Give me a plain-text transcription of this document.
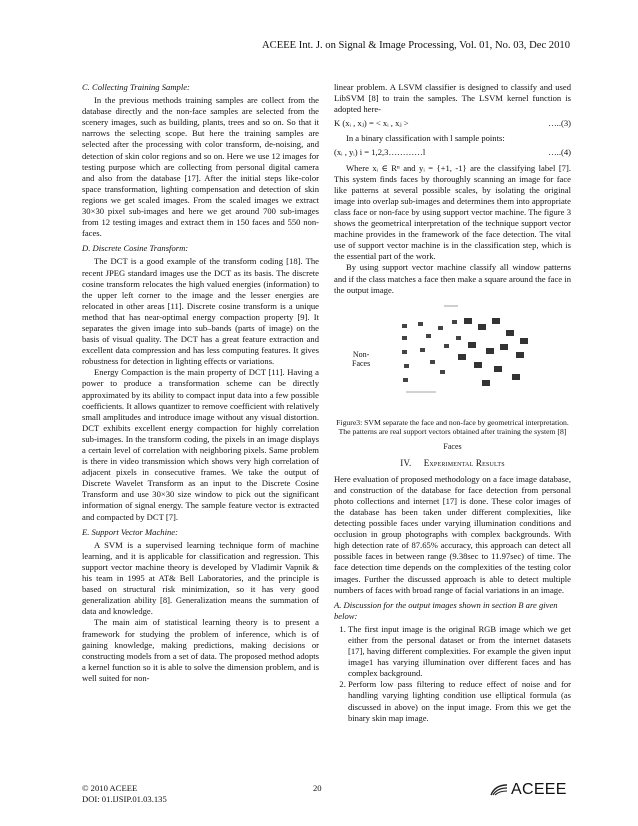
ACEEE Int. J. on Signal & Image Processing, Vol. 01, No. 03, Dec 2010
C. Collecting Training Sample:

In the previous methods training samples are collect from the database directly and the non-face samples are selected from the scenery images, such as building, plants, trees and so on. So that it narrows the selecting scope. But here the training samples are selected after the processing with color transform, de-noising, and detection of skin color regions and so on. Here we use 12 images for testing purpose which are collecting from personal digital camera and also from the database [17]. After the initial steps like-color space transformation, lighting compensation and detection of skin regions we get scaled images. From the scaled images we extract 30×30 pixel sub-images and here we get around 700 sub-images from 12 testing images and extract them in 150 faces and 550 non-faces.

D. Discrete Cosine Transform:

The DCT is a good example of the transform coding [18]. The recent JPEG standard images use the DCT as its basis. The discrete cosine transform relocates the high valued energies (information) to the upper left corner to the image and the lesser energies are relocated in other areas [11]. Discrete cosine transform is a unique method that has near-optimal energy compaction property [9]. It separates the given image into sub–bands (parts of image) on the basis of visual quality. The DCT has a great feature extraction and excellent data compression and has less computing features. It gives robustness for detection in lighting effects or variations.

Energy Compaction is the main property of DCT [11]. Having a power to produce a transformation scheme can be directly approximated by its ability to compact input data into a few possible coefficients. It allows quantizer to remove coefficient with relatively small amplitudes and introduce image without any visual distortion. DCT exhibits excellent energy compaction for highly correlation sub-images. In the transform coding, the pixels in an image displays a certain level of correlation with neighboring pixels. Same problem is there in video transmission which shows very high correlation of adjacent pixels in consecutive frames. We take the output of Discrete Wavelet Transform as an input to the Discrete Cosine Transform and use 30×30 size window to pick out the significant information of signal energy. The sample feature vector is extracted and compacted by DCT [7].

E. Support Vector Machine:

A SVM is a supervised learning technique form of machine learning, and it is applicable for classification and regression. This support vector machine theory is developed by Vladimir Vapnik & his team in 1995 at AT& Bell Laboratories, and the principle is based on structural risk minimization, so it has very good generalization ability [8]. Generalization means the summation of data and knowledge.

The main aim of statistical learning theory is to present a framework for studying the problem of inference, which is of gaining knowledge, making predictions, making decisions or constructing models from a set of data. The proposed method adopts a kernel function so it is able to solve the dimension problem, and is well suited for non-

linear problem. A LSVM classifier is designed to classify and used LibSVM [8] to train the samples. The LSVM kernel function is adopted here-

K (xᵢ , xⱼ) = < xᵢ , xⱼ >	…..(3)

In a binary classification with l sample points:

(xᵢ , yᵢ) i = 1,2,3…………l	…..(4)

Where xᵢ ∈ Rⁿ and yᵢ = {+1, -1} are the classifying label [7]. This system finds faces by thoroughly scanning an image for face like patterns at several possible scales, by isolating the original image into overlap sub-images and determines them into appropriate class face or non-face by using support vector machine. The figure 3 shows the geometrical interpretation of the technique support vector machine provides in the framework of the face detection. The vital use of support vector machine is in the classification step, which is the essential part of the work.

By using support vector machine classify all window patterns and if the class matches a face then make a square around the face in the output image.

Non-
Faces
Figure3: SVM separate the face and non-face by geometrical interpretation. The patterns are real support vectors obtained after training the system [8]
Faces
IV. Experimental Results

Here evaluation of proposed methodology on a face image database, and construction of the database for face detection from personal photo collections and internet [17] is done. These color images of the database has been taken under different complexities, like detecting possible faces under varying illumination conditions and occlusion in group photographs with complex backgrounds. With high detection rate of 87.65% accuracy, this approach can detect all possible faces in between range (9.38sec to 11.97sec) of time. The face detection time depends on the complexities of the testing color images. Further the discussed approach is able to detect multiple numbers of faces with broad range of facial variations in an image.

A. Discussion for the output images shown in section B are given below:
1. The first input image is the original RGB image which we get either from the personal dataset or from the internet datasets [17], having different complexities. For example the given input image1 has varying illumination over different faces and has complex background.
2. Perform low pass filtering to reduce effect of noise and for handling varying lighting condition use elliptical formula (as discussed in above) on the input image. From this we get the binary skin map image.
© 2010 ACEEE
DOI: 01.IJSIP.01.03.135
20	ACEEE
